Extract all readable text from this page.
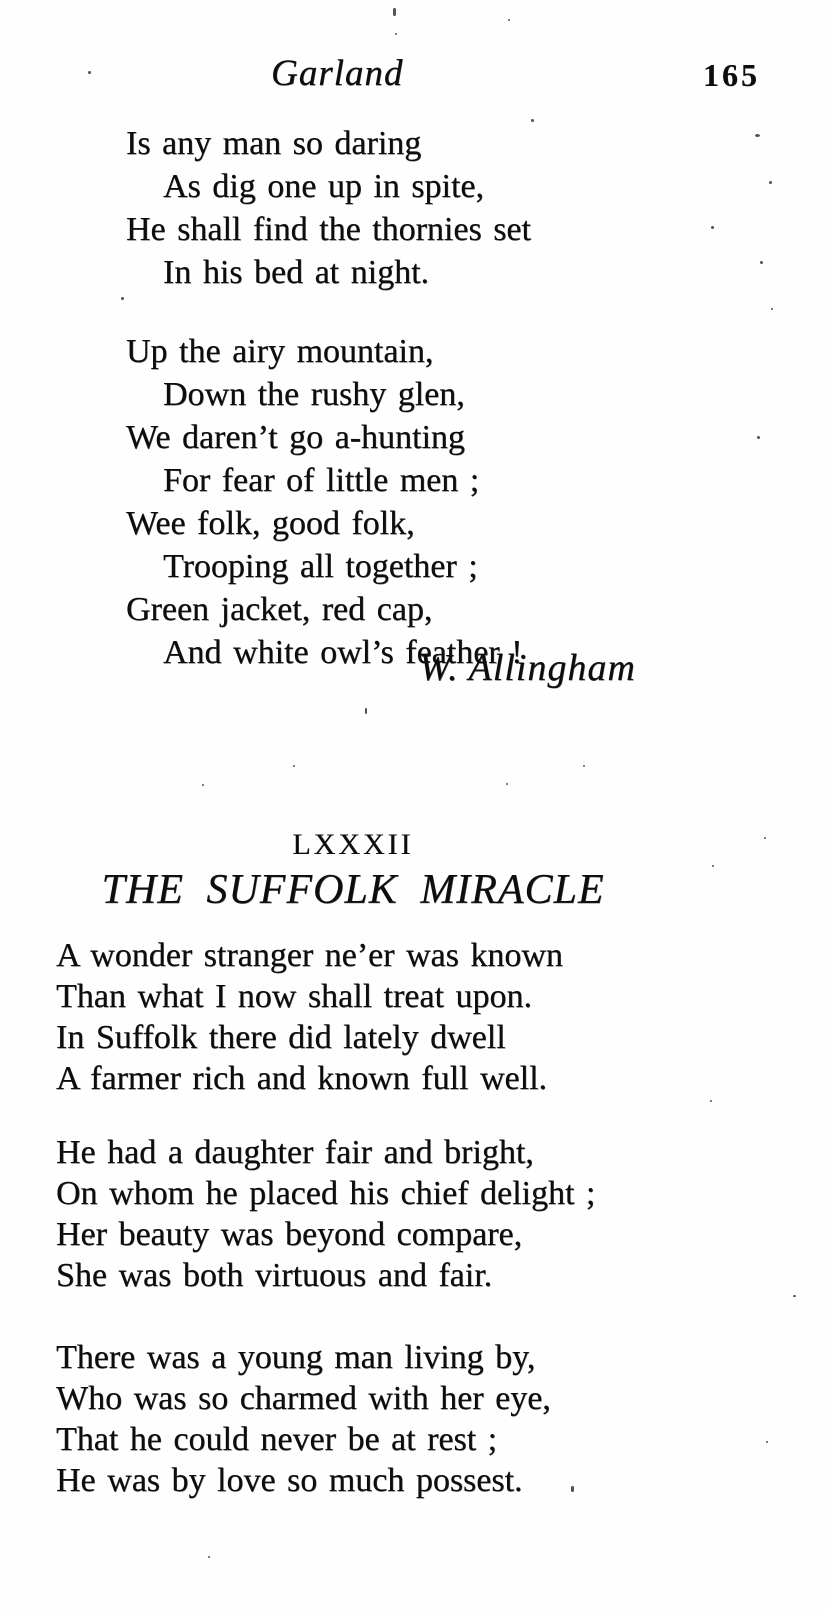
Garland	165
Is any man so daring
As dig one up in spite,
He shall find the thornies set
In his bed at night.
Up the airy mountain,
Down the rushy glen,
We daren’t go a-hunting
For fear of little men ;
Wee folk, good folk,
Trooping all together ;
Green jacket, red cap,
And white owl’s feather !
W. Allingham
LXXXII
THE SUFFOLK MIRACLE
A wonder stranger ne’er was known
Than what I now shall treat upon.
In Suffolk there did lately dwell
A farmer rich and known full well.
He had a daughter fair and bright,
On whom he placed his chief delight ;
Her beauty was beyond compare,
She was both virtuous and fair.
There was a young man living by,
Who was so charmed with her eye,
That he could never be at rest ;
He was by love so much possest.
